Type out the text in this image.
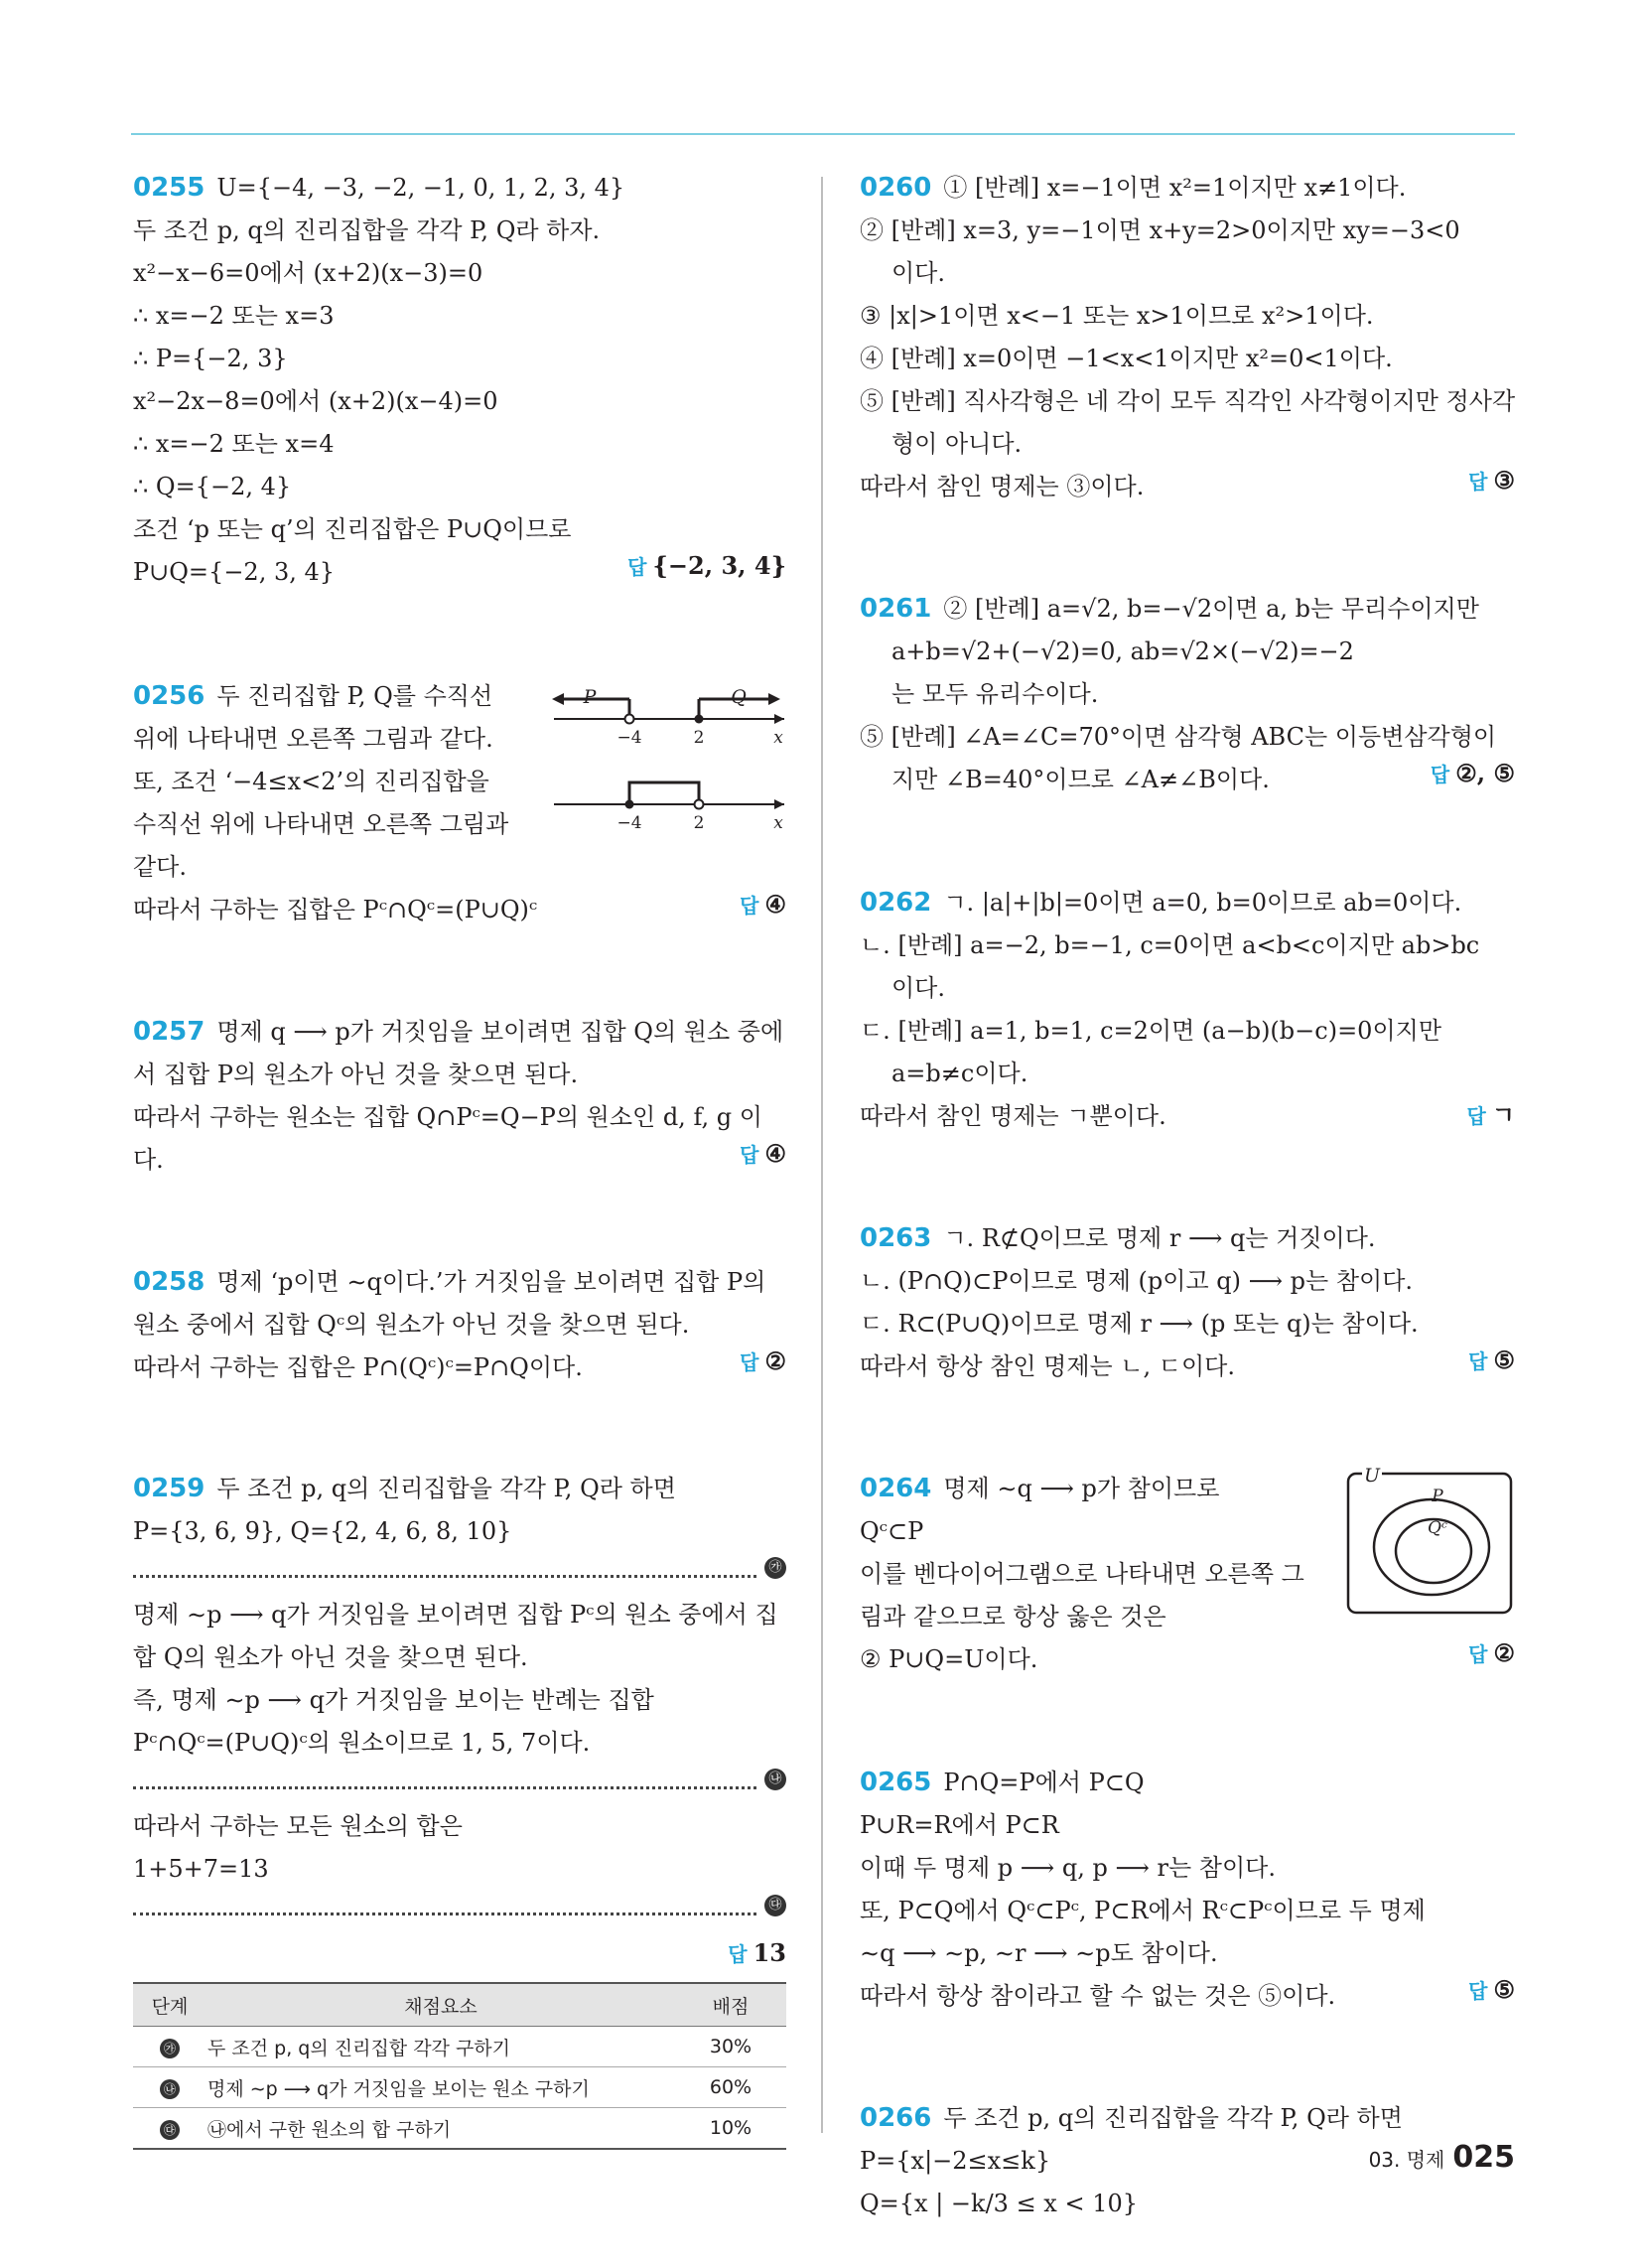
0255 U={−4, −3, −2, −1, 0, 1, 2, 3, 4}
두 조건 p, q의 진리집합을 각각 P, Q라 하자.
x²−x−6=0에서 (x+2)(x−3)=0
∴ x=−2 또는 x=3
∴ P={−2, 3}
x²−2x−8=0에서 (x+2)(x−4)=0
∴ x=−2 또는 x=4
∴ Q={−2, 4}
조건 ‘p 또는 q’의 진리집합은 P∪Q이므로
P∪Q={−2, 3, 4}	답 {−2, 3, 4}
0256 두 진리집합 P, Q를 수직선
위에 나타내면 오른쪽 그림과 같다.
또, 조건 ‘−4≤x<2’의 진리집합을
수직선 위에 나타내면 오른쪽 그림과
같다.
따라서 구하는 집합은 Pᶜ∩Qᶜ=(P∪Q)ᶜ	답 ④
P	Q
−4	2	x
−4	2	x
0257 명제 q ⟶ p가 거짓임을 보이려면 집합 Q의 원소 중에
서 집합 P의 원소가 아닌 것을 찾으면 된다.
따라서 구하는 원소는 집합 Q∩Pᶜ=Q−P의 원소인 d, f, g 이
다.	답 ④
0258 명제 ‘p이면 ∼q이다.’가 거짓임을 보이려면 집합 P의
원소 중에서 집합 Qᶜ의 원소가 아닌 것을 찾으면 된다.
따라서 구하는 집합은 P∩(Qᶜ)ᶜ=P∩Q이다.	답 ②
0259 두 조건 p, q의 진리집합을 각각 P, Q라 하면
P={3, 6, 9}, Q={2, 4, 6, 8, 10}
㉮
명제 ∼p ⟶ q가 거짓임을 보이려면 집합 Pᶜ의 원소 중에서 집
합 Q의 원소가 아닌 것을 찾으면 된다.
즉, 명제 ∼p ⟶ q가 거짓임을 보이는 반례는 집합
Pᶜ∩Qᶜ=(P∪Q)ᶜ의 원소이므로 1, 5, 7이다.
㉯
따라서 구하는 모든 원소의 합은
1+5+7=13
㉰
답 13
단계	채점요소	배점
㉮	두 조건 p, q의 진리집합 각각 구하기	30%
㉯	명제 ∼p ⟶ q가 거짓임을 보이는 원소 구하기	60%
㉰	㉯에서 구한 원소의 합 구하기	10%
0260 ① [반례] x=−1이면 x²=1이지만 x≠1이다.
② [반례] x=3, y=−1이면 x+y=2>0이지만 xy=−3<0
이다.
③ |x|>1이면 x<−1 또는 x>1이므로 x²>1이다.
④ [반례] x=0이면 −1<x<1이지만 x²=0<1이다.
⑤ [반례] 직사각형은 네 각이 모두 직각인 사각형이지만 정사각
형이 아니다.
따라서 참인 명제는 ③이다.	답 ③
0261 ② [반례] a=√2, b=−√2이면 a, b는 무리수이지만
a+b=√2+(−√2)=0, ab=√2×(−√2)=−2
는 모두 유리수이다.
⑤ [반례] ∠A=∠C=70°이면 삼각형 ABC는 이등변삼각형이
지만 ∠B=40°이므로 ∠A≠∠B이다.	답 ②, ⑤
0262 ㄱ. |a|+|b|=0이면 a=0, b=0이므로 ab=0이다.
ㄴ. [반례] a=−2, b=−1, c=0이면 a<b<c이지만 ab>bc
이다.
ㄷ. [반례] a=1, b=1, c=2이면 (a−b)(b−c)=0이지만
a=b≠c이다.
따라서 참인 명제는 ㄱ뿐이다.	답 ㄱ
0263 ㄱ. R⊄Q이므로 명제 r ⟶ q는 거짓이다.
ㄴ. (P∩Q)⊂P이므로 명제 (p이고 q) ⟶ p는 참이다.
ㄷ. R⊂(P∪Q)이므로 명제 r ⟶ (p 또는 q)는 참이다.
따라서 항상 참인 명제는 ㄴ, ㄷ이다.	답 ⑤
0264 명제 ∼q ⟶ p가 참이므로
Qᶜ⊂P
이를 벤다이어그램으로 나타내면 오른쪽 그
림과 같으므로 항상 옳은 것은
② P∪Q=U이다.	답 ②
U
P
Qᶜ
0265 P∩Q=P에서 P⊂Q
P∪R=R에서 P⊂R
이때 두 명제 p ⟶ q, p ⟶ r는 참이다.
또, P⊂Q에서 Qᶜ⊂Pᶜ, P⊂R에서 Rᶜ⊂Pᶜ이므로 두 명제
∼q ⟶ ∼p, ∼r ⟶ ∼p도 참이다.
따라서 항상 참이라고 할 수 없는 것은 ⑤이다.	답 ⑤
0266 두 조건 p, q의 진리집합을 각각 P, Q라 하면
P={x|−2≤x≤k}
Q={x | −k/3 ≤ x < 10}
03. 명제 025
